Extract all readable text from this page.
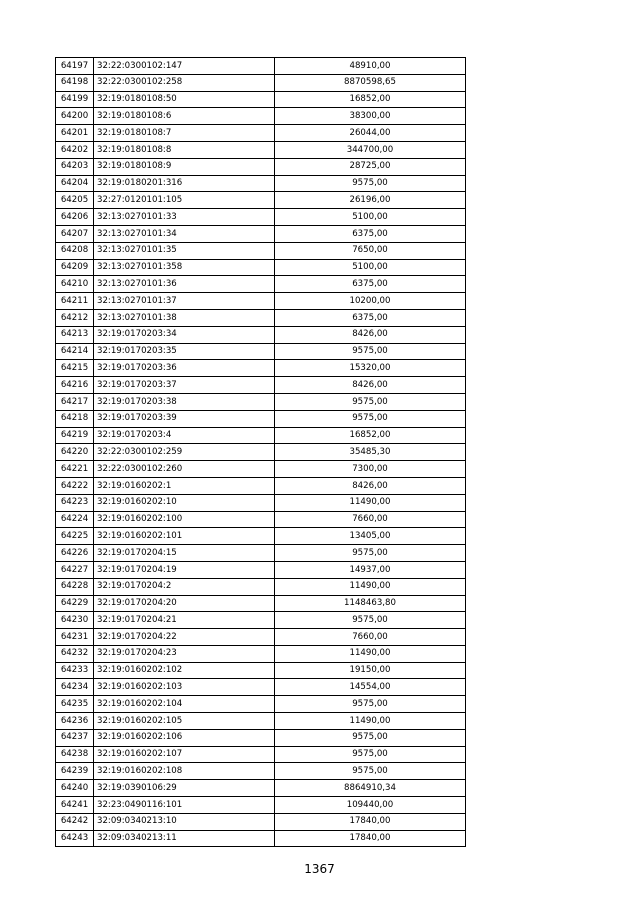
64197	32:22:0300102:147	48910,00
64198	32:22:0300102:258	8870598,65
64199	32:19:0180108:50	16852,00
64200	32:19:0180108:6	38300,00
64201	32:19:0180108:7	26044,00
64202	32:19:0180108:8	344700,00
64203	32:19:0180108:9	28725,00
64204	32:19:0180201:316	9575,00
64205	32:27:0120101:105	26196,00
64206	32:13:0270101:33	5100,00
64207	32:13:0270101:34	6375,00
64208	32:13:0270101:35	7650,00
64209	32:13:0270101:358	5100,00
64210	32:13:0270101:36	6375,00
64211	32:13:0270101:37	10200,00
64212	32:13:0270101:38	6375,00
64213	32:19:0170203:34	8426,00
64214	32:19:0170203:35	9575,00
64215	32:19:0170203:36	15320,00
64216	32:19:0170203:37	8426,00
64217	32:19:0170203:38	9575,00
64218	32:19:0170203:39	9575,00
64219	32:19:0170203:4	16852,00
64220	32:22:0300102:259	35485,30
64221	32:22:0300102:260	7300,00
64222	32:19:0160202:1	8426,00
64223	32:19:0160202:10	11490,00
64224	32:19:0160202:100	7660,00
64225	32:19:0160202:101	13405,00
64226	32:19:0170204:15	9575,00
64227	32:19:0170204:19	14937,00
64228	32:19:0170204:2	11490,00
64229	32:19:0170204:20	1148463,80
64230	32:19:0170204:21	9575,00
64231	32:19:0170204:22	7660,00
64232	32:19:0170204:23	11490,00
64233	32:19:0160202:102	19150,00
64234	32:19:0160202:103	14554,00
64235	32:19:0160202:104	9575,00
64236	32:19:0160202:105	11490,00
64237	32:19:0160202:106	9575,00
64238	32:19:0160202:107	9575,00
64239	32:19:0160202:108	9575,00
64240	32:19:0390106:29	8864910,34
64241	32:23:0490116:101	109440,00
64242	32:09:0340213:10	17840,00
64243	32:09:0340213:11	17840,00
1367
